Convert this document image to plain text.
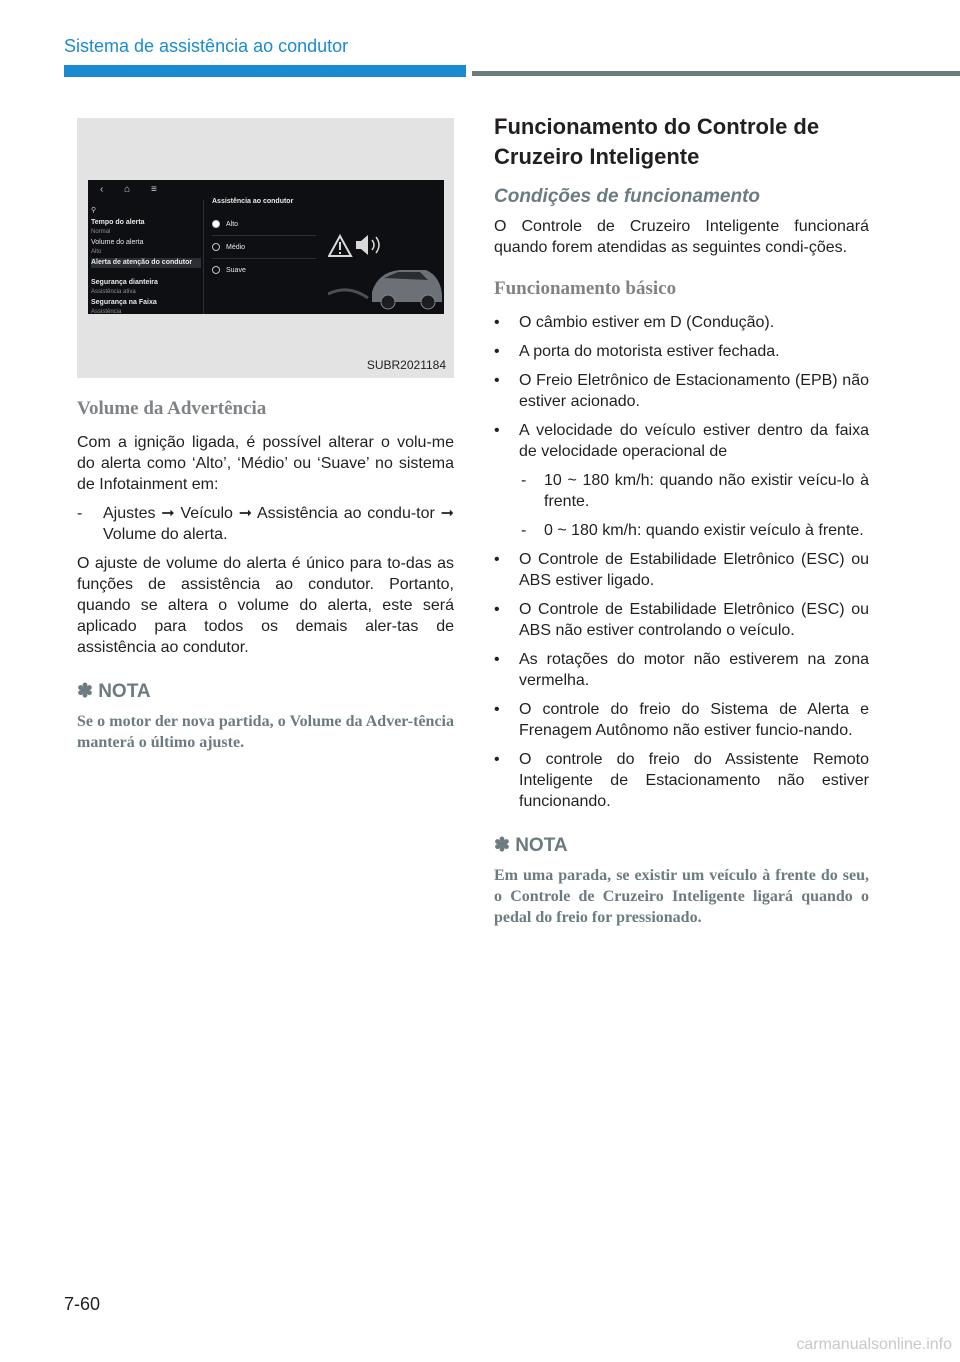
Sistema de assistência ao condutor
‹ ⌂ ≡
⚲
Tempo do alerta
Normal
Volume do alerta
Alto
Alerta de atenção do condutor
Segurança dianteira
Assistência ativa
Segurança na Faixa
Assistência
Assistência ao condutor
Alto
Médio
Suave
SUBR2021184
Volume da Advertência

Com a ignição ligada, é possível alterar o volu-me do alerta como ‘Alto’, ‘Médio’ ou ‘Suave’ no sistema de Infotainment em:

- Ajustes ➞ Veículo ➞ Assistência ao condu-tor ➞ Volume do alerta.

O ajuste de volume do alerta é único para to-das as funções de assistência ao condutor. Portanto, quando se altera o volume do alerta, este será aplicado para todos os demais aler-tas de assistência ao condutor.

✽ NOTA

Se o motor der nova partida, o Volume da Adver-tência manterá o último ajuste.

Funcionamento do Controle de Cruzeiro Inteligente
Condições de funcionamento

O Controle de Cruzeiro Inteligente funcionará quando forem atendidas as seguintes condi-ções.

Funcionamento básico
• O câmbio estiver em D (Condução).
• A porta do motorista estiver fechada.
• O Freio Eletrônico de Estacionamento (EPB) não estiver acionado.
• A velocidade do veículo estiver dentro da faixa de velocidade operacional de
- 10 ~ 180 km/h: quando não existir veícu-lo à frente.
- 0 ~ 180 km/h: quando existir veículo à frente.
• O Controle de Estabilidade Eletrônico (ESC) ou ABS estiver ligado.
• O Controle de Estabilidade Eletrônico (ESC) ou ABS não estiver controlando o veículo.
• As rotações do motor não estiverem na zona vermelha.
• O controle do freio do Sistema de Alerta e Frenagem Autônomo não estiver funcio-nando.
• O controle do freio do Assistente Remoto Inteligente de Estacionamento não estiver funcionando.
✽ NOTA

Em uma parada, se existir um veículo à frente do seu, o Controle de Cruzeiro Inteligente ligará quando o pedal do freio for pressionado.

7-60
carmanualsonline.info
